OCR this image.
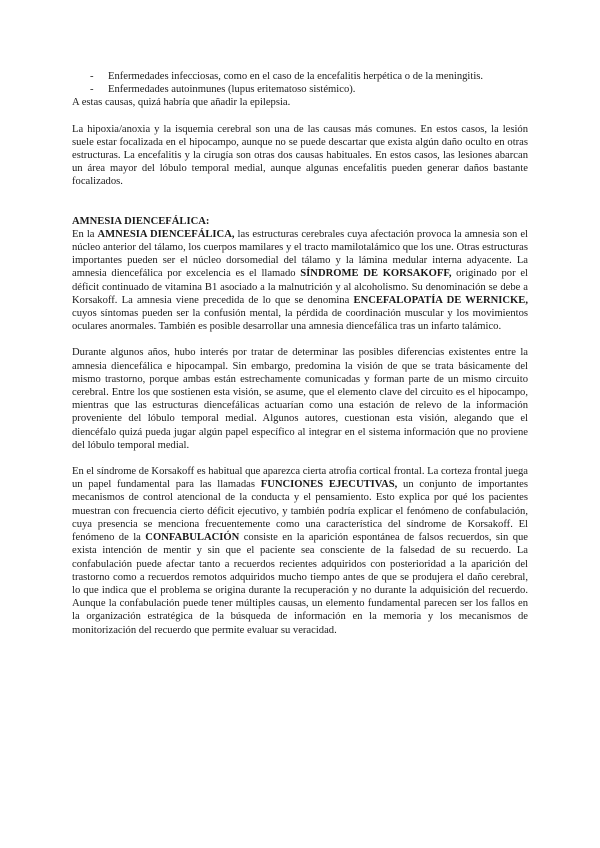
- Enfermedades infecciosas, como en el caso de la encefalitis herpética o de la meningitis.
- Enfermedades autoinmunes (lupus eritematoso sistémico).

A estas causas, quizá habría que añadir la epilepsia.

La hipoxia/anoxia y la isquemia cerebral son una de las causas más comunes. En estos casos, la lesión suele estar focalizada en el hipocampo, aunque no se puede descartar que exista algún daño oculto en otras estructuras. La encefalitis y la cirugía son otras dos causas habituales. En estos casos, las lesiones abarcan un área mayor del lóbulo temporal medial, aunque algunas encefalitis pueden generar daños bastante focalizados.

AMNESIA DIENCEFÁLICA:

En la AMNESIA DIENCEFÁLICA, las estructuras cerebrales cuya afectación provoca la amnesia son el núcleo anterior del tálamo, los cuerpos mamilares y el tracto mamilotalámico que los une. Otras estructuras importantes pueden ser el núcleo dorsomedial del tálamo y la lámina medular interna adyacente. La amnesia diencefálica por excelencia es el llamado SÍNDROME DE KORSAKOFF, originado por el déficit continuado de vitamina B1 asociado a la malnutrición y al alcoholismo. Su denominación se debe a Korsakoff. La amnesia viene precedida de lo que se denomina ENCEFALOPATÍA DE WERNICKE, cuyos síntomas pueden ser la confusión mental, la pérdida de coordinación muscular y los movimientos oculares anormales. También es posible desarrollar una amnesia diencefálica tras un infarto talámico.

Durante algunos años, hubo interés por tratar de determinar las posibles diferencias existentes entre la amnesia diencefálica e hipocampal. Sin embargo, predomina la visión de que se trata básicamente del mismo trastorno, porque ambas están estrechamente comunicadas y forman parte de un mismo circuito cerebral. Entre los que sostienen esta visión, se asume, que el elemento clave del circuito es el hipocampo, mientras que las estructuras diencefálicas actuarían como una estación de relevo de la información proveniente del lóbulo temporal medial. Algunos autores, cuestionan esta visión, alegando que el diencéfalo quizá pueda jugar algún papel específico al integrar en el sistema información que no proviene del lóbulo temporal medial.

En el síndrome de Korsakoff es habitual que aparezca cierta atrofia cortical frontal. La corteza frontal juega un papel fundamental para las llamadas FUNCIONES EJECUTIVAS, un conjunto de importantes mecanismos de control atencional de la conducta y el pensamiento. Esto explica por qué los pacientes muestran con frecuencia cierto déficit ejecutivo, y también podría explicar el fenómeno de confabulación, cuya presencia se menciona frecuentemente como una característica del síndrome de Korsakoff. El fenómeno de la CONFABULACIÓN consiste en la aparición espontánea de falsos recuerdos, sin que exista intención de mentir y sin que el paciente sea consciente de la falsedad de su recuerdo. La confabulación puede afectar tanto a recuerdos recientes adquiridos con posterioridad a la aparición del trastorno como a recuerdos remotos adquiridos mucho tiempo antes de que se produjera el daño cerebral, lo que indica que el problema se origina durante la recuperación y no durante la adquisición del recuerdo. Aunque la confabulación puede tener múltiples causas, un elemento fundamental parecen ser los fallos en la organización estratégica de la búsqueda de información en la memoria y los mecanismos de monitorización del recuerdo que permite evaluar su veracidad.
